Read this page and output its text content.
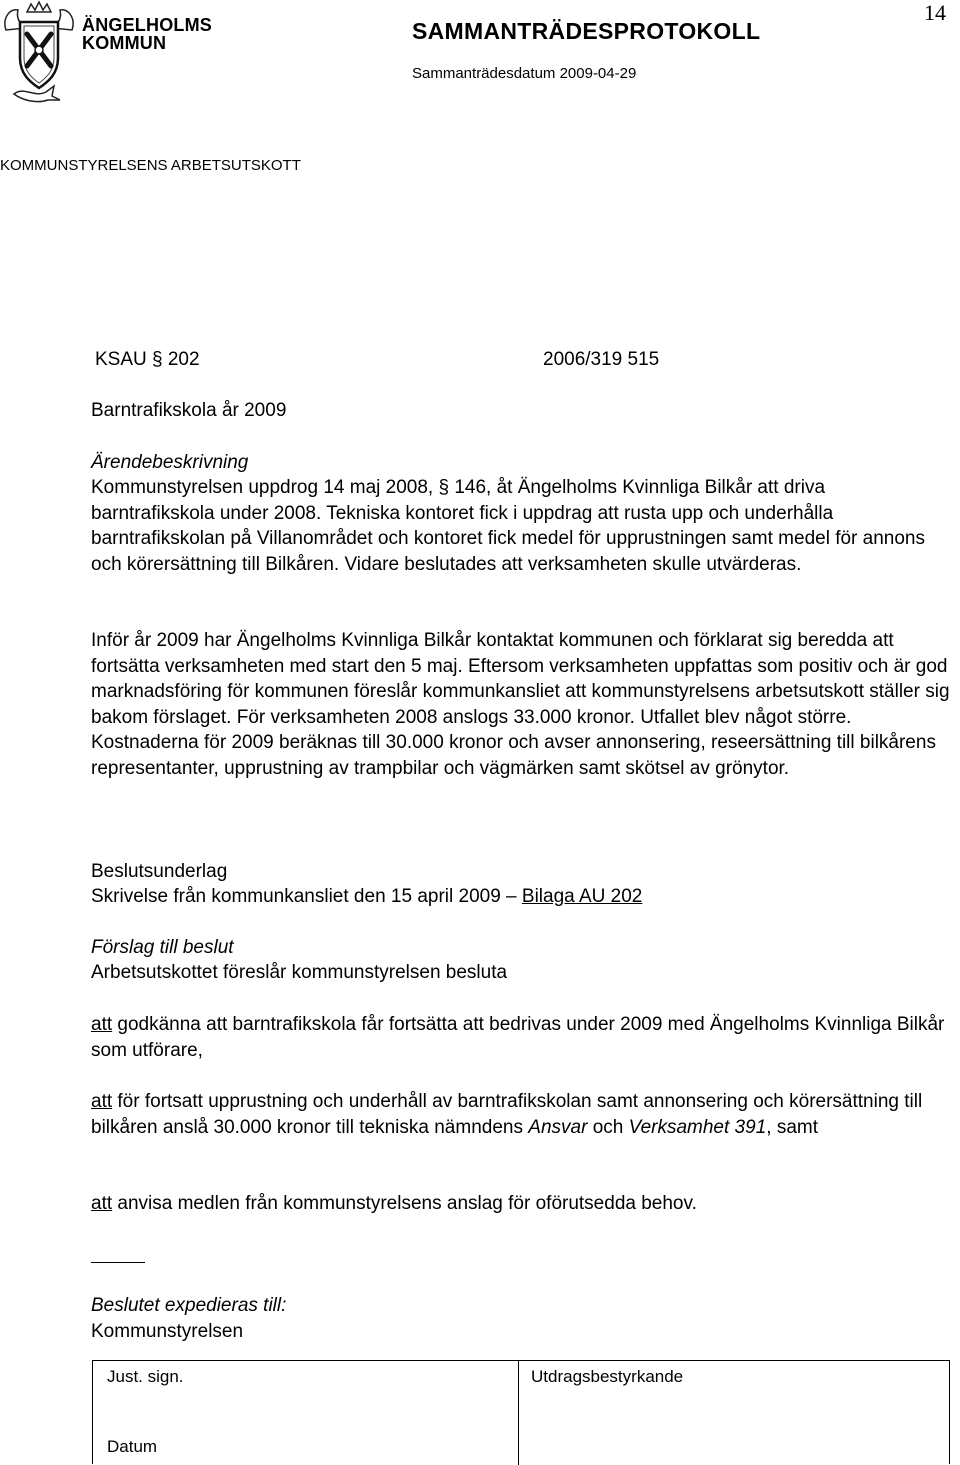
14
ÄNGELHOLMS
KOMMUN	SAMMANTRÄDESPROTOKOLL
Sammanträdesdatum 2009-04-29
KOMMUNSTYRELSENS ARBETSUTSKOTT
KSAU § 202	2006/319 515
Barntrafikskola år 2009
Ärendebeskrivning

Kommunstyrelsen uppdrog 14 maj 2008, § 146, åt Ängelholms Kvinnliga Bilkår att driva barntrafikskola under 2008. Tekniska kontoret fick i uppdrag att rusta upp och underhålla barntrafikskolan på Villanområdet och kontoret fick medel för upprustningen samt medel för annons och körersättning till Bilkåren. Vidare beslutades att verksamheten skulle utvärderas.

Inför år 2009 har Ängelholms Kvinnliga Bilkår kontaktat kommunen och förklarat sig beredda att fortsätta verksamheten med start den 5 maj. Eftersom verksamheten uppfattas som positiv och är god marknadsföring för kommunen föreslår kommunkansliet att kommunstyrelsens arbetsutskott ställer sig bakom förslaget. För verksamheten 2008 anslogs 33.000 kronor. Utfallet blev något större. Kostnaderna för 2009 beräknas till 30.000 kronor och avser annonsering, reseersättning till bilkårens representanter, upprustning av trampbilar och vägmärken samt skötsel av grönytor.

Beslutsunderlag

Skrivelse från kommunkansliet den 15 april 2009 – Bilaga AU 202

Förslag till beslut

Arbetsutskottet föreslår kommunstyrelsen besluta

att godkänna att barntrafikskola får fortsätta att bedrivas under 2009 med Ängelholms Kvinnliga Bilkår som utförare,

att för fortsatt upprustning och underhåll av barntrafikskolan samt annonsering och körersättning till bilkåren anslå 30.000 kronor till tekniska nämndens Ansvar och Verksamhet 391, samt

att anvisa medlen från kommunstyrelsens anslag för oförutsedda behov.

Beslutet expedieras till:
Kommunstyrelsen
Just. sign.
Datum
Utdragsbestyrkande
